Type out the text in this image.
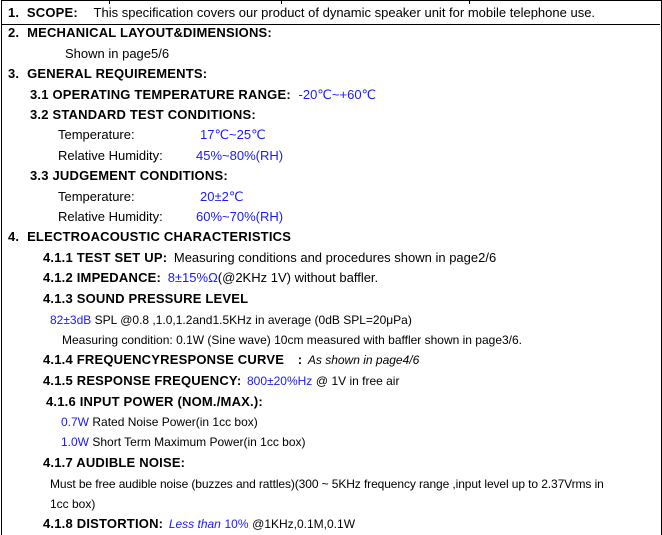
1. SCOPE: This specification covers our product of dynamic speaker unit for mobile telephone use.
2. MECHANICAL LAYOUT&DIMENSIONS:
Shown in page5/6
3. GENERAL REQUIREMENTS:
3.1 OPERATING TEMPERATURE RANGE: -20℃~+60℃
3.2 STANDARD TEST CONDITIONS:
Temperature:	17℃~25℃
Relative Humidity:	45%~80%(RH)
3.3 JUDGEMENT CONDITIONS:
Temperature:	20±2℃
Relative Humidity:	60%~70%(RH)
4. ELECTROACOUSTIC CHARACTERISTICS
4.1.1 TEST SET UP: Measuring conditions and procedures shown in page2/6
4.1.2 IMPEDANCE: 8±15%Ω(@2KHz 1V) without baffler.
4.1.3 SOUND PRESSURE LEVEL
82±3dB SPL @0.8 ,1.0,1.2and1.5KHz in average (0dB SPL=20μPa)
Measuring condition: 0.1W (Sine wave) 10cm measured with baffler shown in page3/6.
4.1.4 FREQUENCYRESPONSE CURVE : As shown in page4/6
4.1.5 RESPONSE FREQUENCY: 800±20%Hz @ 1V in free air
4.1.6 INPUT POWER (NOM./MAX.):
0.7W Rated Noise Power(in 1cc box)
1.0W Short Term Maximum Power(in 1cc box)
4.1.7 AUDIBLE NOISE:
Must be free audible noise (buzzes and rattles)(300 ~ 5KHz frequency range ,input level up to 2.37Vrms in
1cc box)
4.1.8 DISTORTION: Less than 10% @1KHz,0.1M,0.1W
